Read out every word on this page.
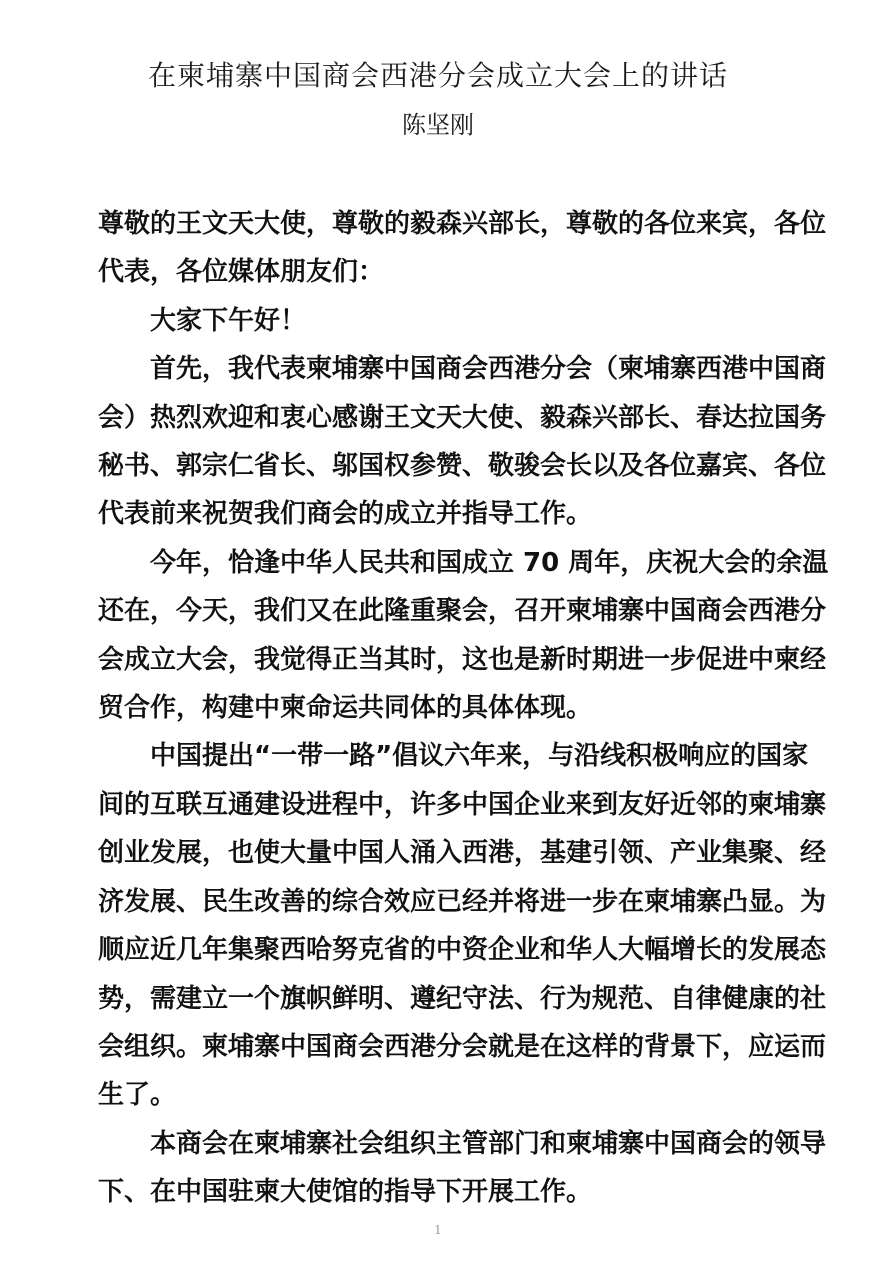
在柬埔寨中国商会西港分会成立大会上的讲话
陈坚刚

尊敬的王文天大使，尊敬的毅森兴部长，尊敬的各位来宾，各位代表，各位媒体朋友们：

大家下午好！

首先，我代表柬埔寨中国商会西港分会（柬埔寨西港中国商会）热烈欢迎和衷心感谢王文天大使、毅森兴部长、春达拉国务秘书、郭宗仁省长、邬国权参赞、敬骏会长以及各位嘉宾、各位代表前来祝贺我们商会的成立并指导工作。

今年，恰逢中华人民共和国成立 70 周年，庆祝大会的余温还在，今天，我们又在此隆重聚会，召开柬埔寨中国商会西港分会成立大会，我觉得正当其时，这也是新时期进一步促进中柬经贸合作，构建中柬命运共同体的具体体现。

中国提出“一带一路”倡议六年来，与沿线积极响应的国家间的互联互通建设进程中，许多中国企业来到友好近邻的柬埔寨创业发展，也使大量中国人涌入西港，基建引领、产业集聚、经济发展、民生改善的综合效应已经并将进一步在柬埔寨凸显。为顺应近几年集聚西哈努克省的中资企业和华人大幅增长的发展态势，需建立一个旗帜鲜明、遵纪守法、行为规范、自律健康的社会组织。柬埔寨中国商会西港分会就是在这样的背景下，应运而生了。

本商会在柬埔寨社会组织主管部门和柬埔寨中国商会的领导下、在中国驻柬大使馆的指导下开展工作。

1
